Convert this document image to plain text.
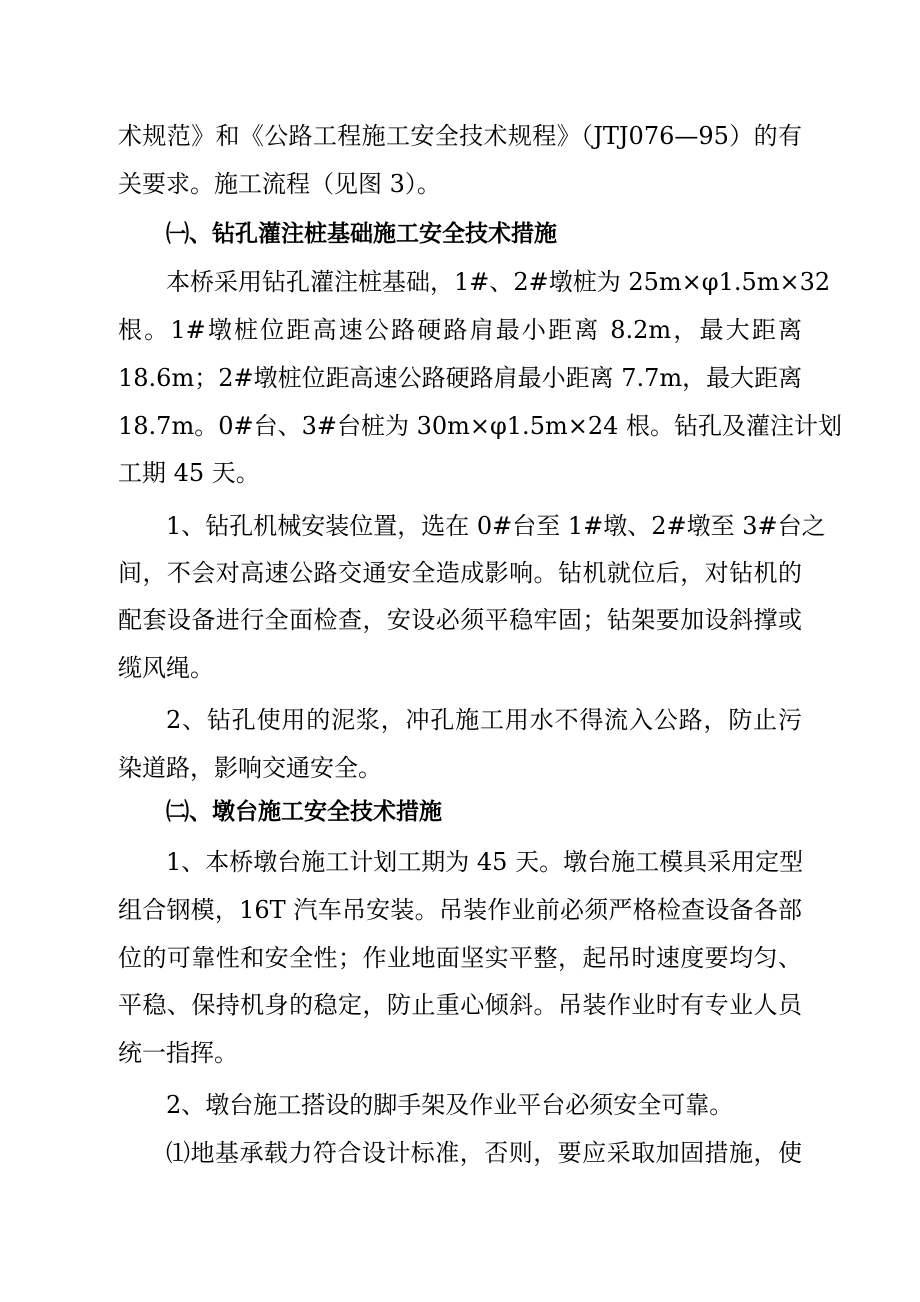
术规范》和《公路工程施工安全技术规程》（JTJ076—95）的有
关要求。施工流程（见图 3）。
㈠、钻孔灌注桩基础施工安全技术措施
本桥采用钻孔灌注桩基础，1#、2#墩桩为 25m×φ1.5m×32
根。1#墩桩位距高速公路硬路肩最小距离 8.2m，最大距离
18.6m；2#墩桩位距高速公路硬路肩最小距离 7.7m，最大距离
18.7m。0#台、3#台桩为 30m×φ1.5m×24 根。钻孔及灌注计划
工期 45 天。
1、钻孔机械安装位置，选在 0#台至 1#墩、2#墩至 3#台之
间，不会对高速公路交通安全造成影响。钻机就位后，对钻机的
配套设备进行全面检查，安设必须平稳牢固；钻架要加设斜撑或
缆风绳。
2、钻孔使用的泥浆，冲孔施工用水不得流入公路，防止污
染道路，影响交通安全。
㈡、墩台施工安全技术措施
1、本桥墩台施工计划工期为 45 天。墩台施工模具采用定型
组合钢模，16T 汽车吊安装。吊装作业前必须严格检查设备各部
位的可靠性和安全性；作业地面坚实平整，起吊时速度要均匀、
平稳、保持机身的稳定，防止重心倾斜。吊装作业时有专业人员
统一指挥。
2、墩台施工搭设的脚手架及作业平台必须安全可靠。
⑴地基承载力符合设计标准，否则，要应采取加固措施，使
